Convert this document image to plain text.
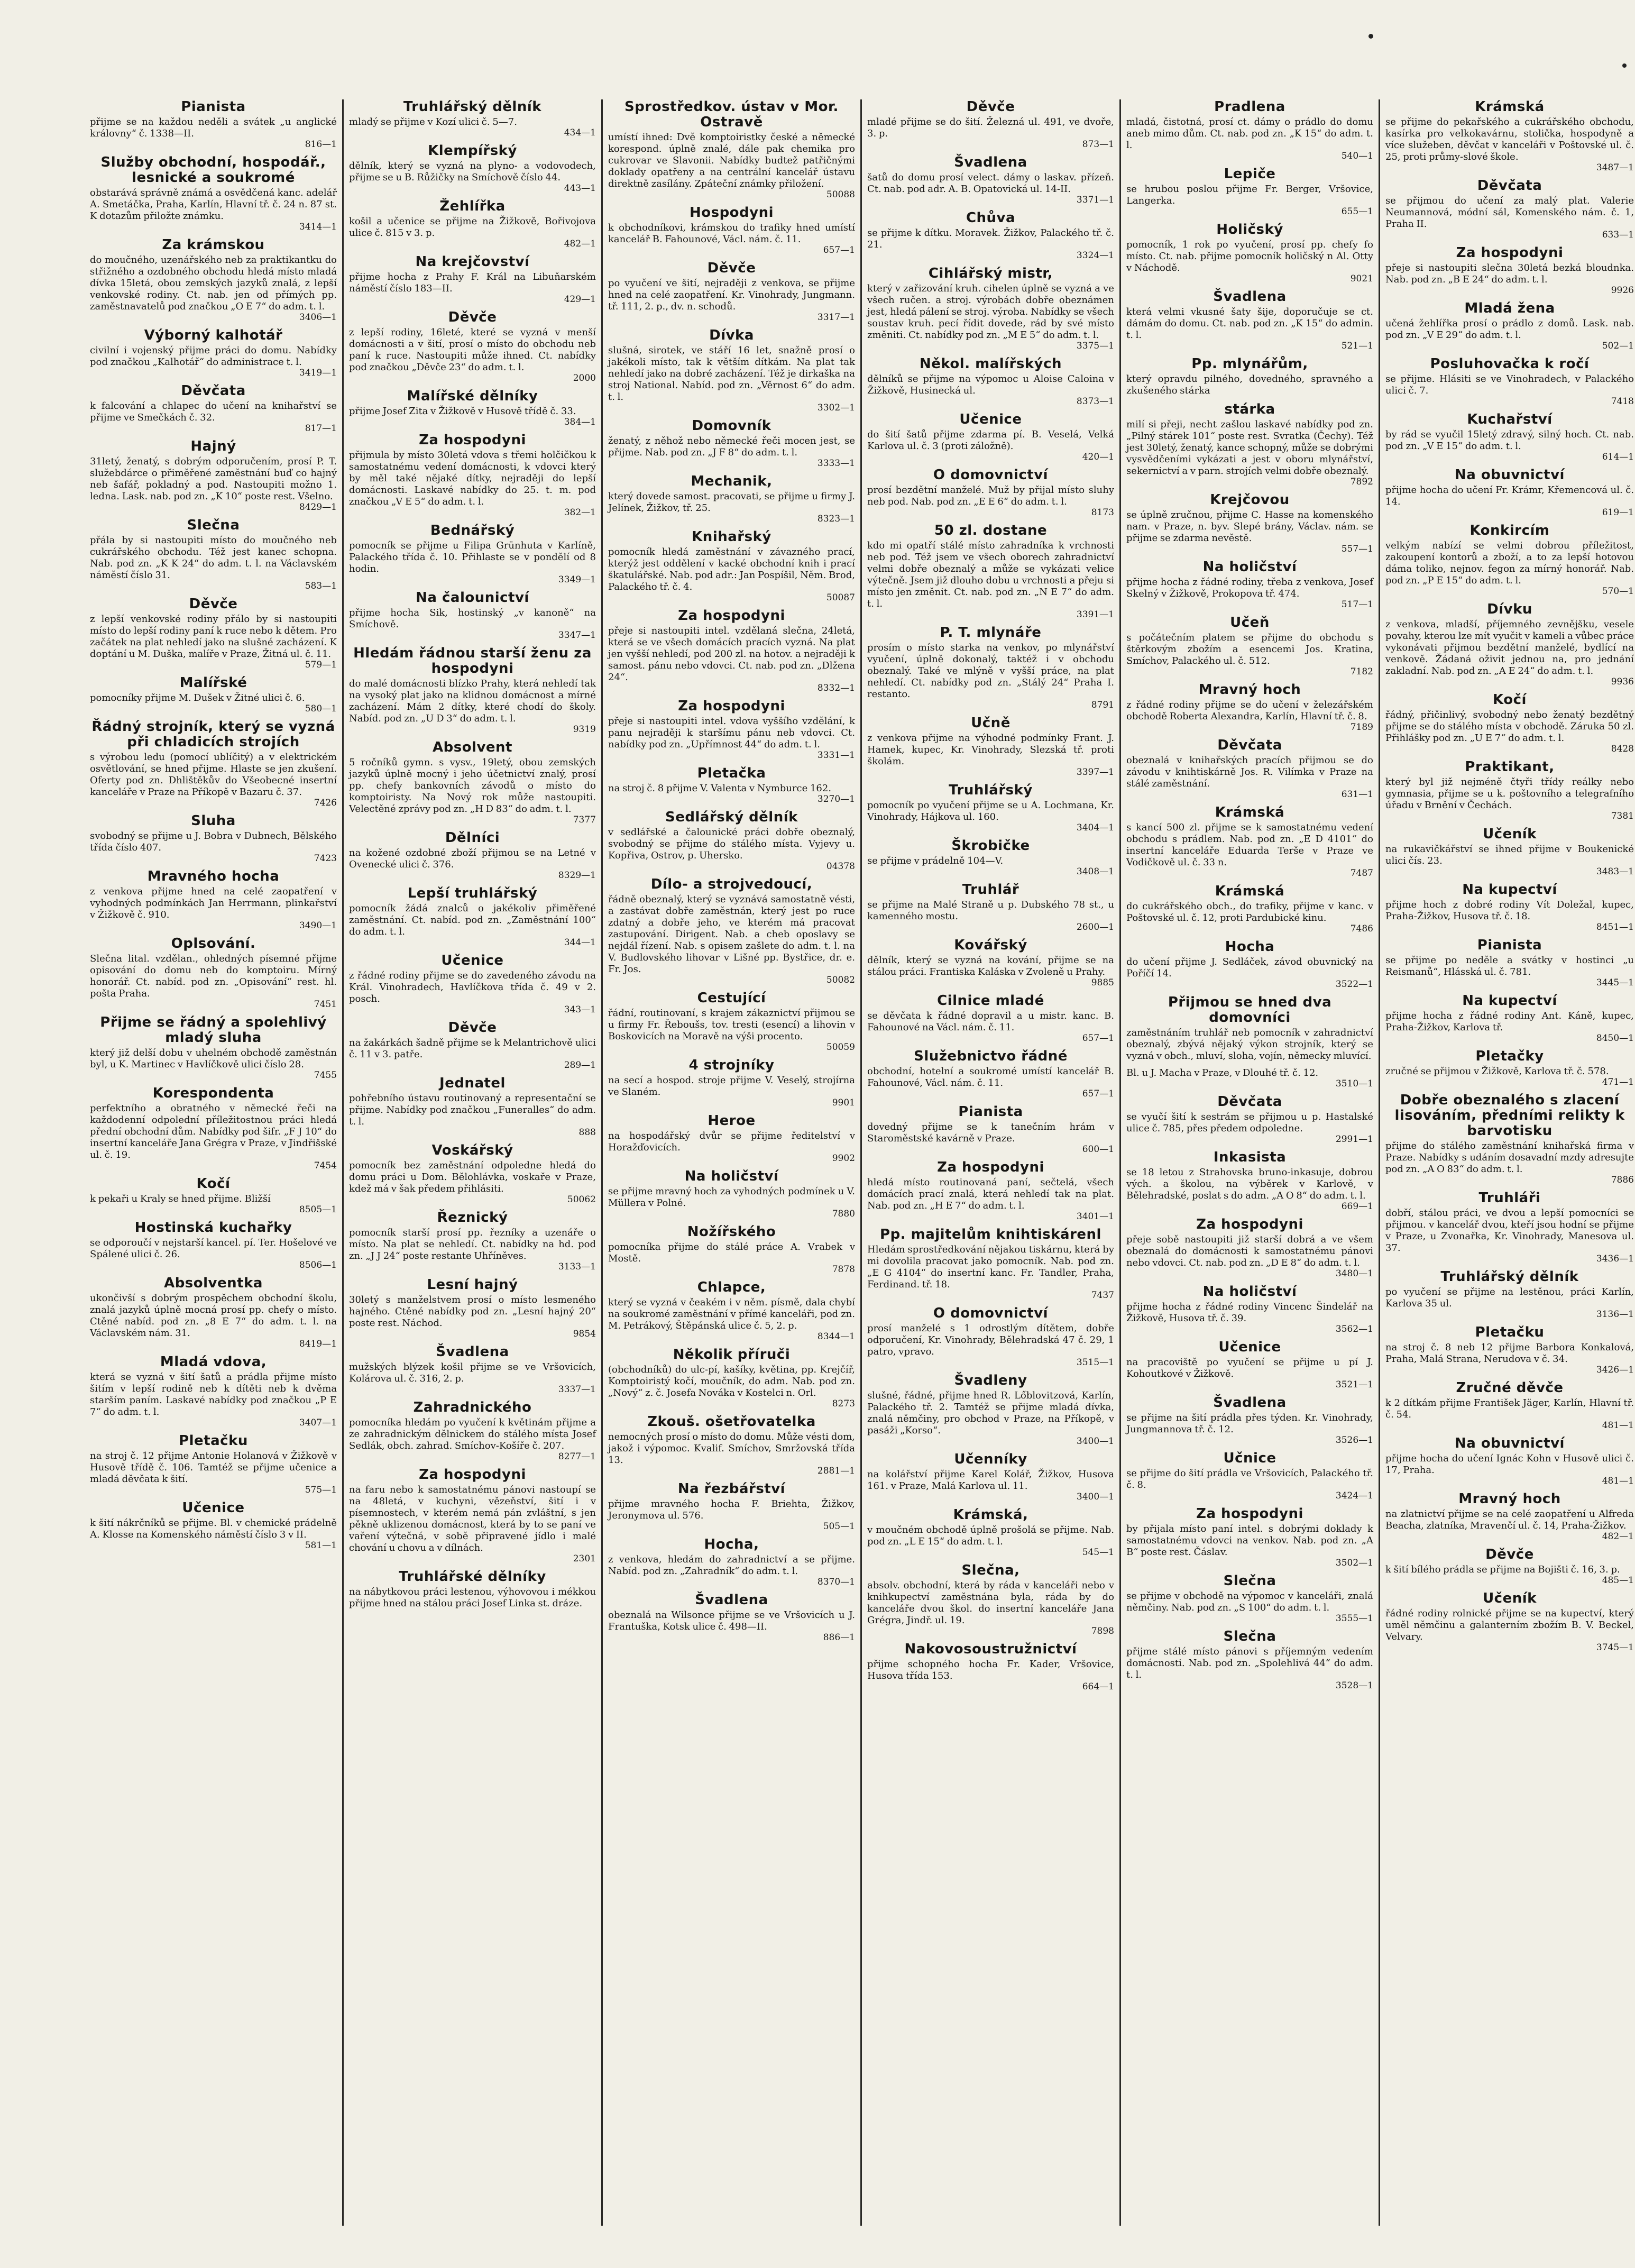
Pianista

přijme se na každou neděli a svátek „u anglické královny“ č. 1338—II.

816—1
Služby obchodní, hospodář., lesnické a soukromé

obstarává správně známá a osvědčená kanc. adelář A. Smetáčka, Praha, Karlín, Hlavní tř. č. 24 n. 87 st. K dotazům přiložte známku.

3414—1
Za krámskou

do moučného, uzenářského neb za praktikantku do střižného a ozdobného obchodu hledá místo mladá dívka 15letá, obou zemských jazyků znalá, z lepší venkovské rodiny. Ct. nab. jen od přímých pp. zaměstnavatelů pod značkou „O E 7“ do adm. t. l.

3406—1
Výborný kalhotář

civilní i vojenský přijme práci do domu. Nabídky pod značkou „Kalhotář“ do administrace t. l.

3419—1
Děvčata

k falcování a chlapec do učení na knihařství se přijme ve Smečkách č. 32.

817—1
Hajný

31letý, ženatý, s dobrým odporučením, prosí P. T. služebdárce o přiměřené zaměstnání buď co hajný neb šafář, pokladný a pod. Nastoupiti možno 1. ledna. Lask. nab. pod zn. „K 10“ poste rest. Všelno.

8429—1
Slečna

přála by si nastoupiti místo do moučného neb cukrářského obchodu. Též jest kanec schopna. Nab. pod zn. „K K 24“ do adm. t. l. na Václavském náměstí číslo 31.

583—1
Děvče

z lepší venkovské rodiny přálo by si nastoupiti místo do lepší rodiny paní k ruce nebo k dětem. Pro začátek na plat nehledí jako na slušné zacházení. K doptání u M. Duška, malíře v Praze, Žitná ul. č. 11.

579—1
Malířské

pomocníky přijme M. Dušek v Žitné ulici č. 6.

580—1
Řádný strojník, který se vyzná při chladicích strojích

s výrobou ledu (pomocí ublíčitý) a v elektrickém osvětlování, se hned přijme. Hlaste se jen zkušení. Oferty pod zn. Dhlištěkův do Všeobecné insertní kanceláře v Praze na Příkopě v Bazaru č. 37.

7426
Sluha

svobodný se přijme u J. Bobra v Dubnech, Bělského třída číslo 407.

7423
Mravného hocha

z venkova přijme hned na celé zaopatření v vyhodných podmínkách Jan Herrmann, plinkařství v Žižkově č. 910.

3490—1
Oplsování.

Slečna lital. vzdělan., ohledných písemné přijme opisování do domu neb do komptoiru. Mírný honorář. Ct. nabíd. pod zn. „Opisování“ rest. hl. pošta Praha.

7451
Přijme se řádný a spolehlivý mladý sluha

který již delší dobu v uhelném obchodě zaměstnán byl, u K. Martinec v Havlíčkově ulici číslo 28.

7455
Korespondenta

perfektního a obratného v německé řeči na každodenní odpolední příležitostnou práci hledá přední obchodní dům. Nabídky pod šifr. „F J 10“ do insertní kanceláře Jana Grégra v Praze, v Jindřišské ul. č. 19.

7454
Kočí

k pekaři u Kraly se hned přijme. Bližší

8505—1
Hostinská kuchařky

se odporoučí v nejstarší kancel. pí. Ter. Hošelové ve Spálené ulici č. 26.

8506—1
Absolventka

ukončivší s dobrým prospěchem obchodní školu, znalá jazyků úplně mocná prosí pp. chefy o místo. Ctěné nabíd. pod zn. „8 E 7“ do adm. t. l. na Václavském nám. 31.

8419—1
Mladá vdova,

která se vyzná v šití šatů a prádla přijme místo šitím v lepší rodině neb k dítěti neb k dvěma starším paním. Laskavé nabídky pod značkou „P E 7“ do adm. t. l.

3407—1
Pletačku

na stroj č. 12 přijme Antonie Holanová v Žižkově v Husově třídě č. 106. Tamtéž se přijme učenice a mladá děvčata k šití.

575—1
Učenice

k šití nákrčníků se přijme. Bl. v chemické prádelně A. Klosse na Komenského náměstí číslo 3 v II.

581—1
Truhlářský dělník

mladý se přijme v Kozí ulici č. 5—7.

434—1
Klempířský

dělník, který se vyzná na plyno- a vodovodech, přijme se u B. Růžičky na Smíchově číslo 44.

443—1
Žehlířka

košil a učenice se přijme na Žižkově, Bořivojova ulice č. 815 v 3. p.

482—1
Na krejčovství

přijme hocha z Prahy F. Král na Libuňarském náměstí číslo 183—II.

429—1
Děvče

z lepší rodiny, 16leté, které se vyzná v menší domácnosti a v šití, prosí o místo do obchodu neb paní k ruce. Nastoupiti může ihned. Ct. nabídky pod značkou „Děvče 23“ do adm. t. l.

2000
Malířské dělníky

přijme Josef Zita v Žižkově v Husově třídě č. 33.

384—1
Za hospodyni

přijmula by místo 30letá vdova s třemi holčičkou k samostatnému vedení domácnosti, k vdovci který by měl také nějaké dítky, nejraději do lepší domácnosti. Laskavé nabídky do 25. t. m. pod značkou „V E 5“ do adm. t. l.

382—1
Bednářský

pomocník se přijme u Filipa Grünhuta v Karlíně, Palackého třída č. 10. Přihlaste se v pondělí od 8 hodin.

3349—1
Na čalounictví

přijme hocha Sik, hostinský „v kanoně“ na Smíchově.

3347—1
Hledám řádnou starší ženu za hospodyni

do malé domácnosti blízko Prahy, která nehledí tak na vysoký plat jako na klidnou domácnost a mírné zacházení. Mám 2 dítky, které chodí do školy. Nabíd. pod zn. „U D 3“ do adm. t. l.

9319
Absolvent

5 ročníků gymn. s vysv., 19letý, obou zemských jazyků úplně mocný i jeho účetnictví znalý, prosí pp. chefy bankovních závodů o místo do komptoiristy. Na Nový rok může nastoupiti. Velectěné zprávy pod zn. „H D 83“ do adm. t. l.

7377
Dělníci

na kožené ozdobné zboží přijmou se na Letné v Ovenecké ulici č. 376.

8329—1
Lepší truhlářský

pomocník žádá znalců o jakékoliv přiměřené zaměstnání. Ct. nabíd. pod zn. „Zaměstnání 100“ do adm. t. l.

344—1
Učenice

z řádné rodiny přijme se do zavedeného závodu na Král. Vinohradech, Havlíčkova třída č. 49 v 2. posch.

343—1
Děvče

na žakárkách šadně přijme se k Melantrichově ulici č. 11 v 3. patře.

289—1
Jednatel

pohřebního ústavu routinovaný a representační se přijme. Nabídky pod značkou „Funeralles“ do adm. t. l.

888
Voskářský

pomocník bez zaměstnání odpoledne hledá do domu práci u Dom. Bělohlávka, voskaře v Praze, kdež má v šak předem přihlásiti.

50062
Řeznický

pomocník starší prosí pp. řezníky a uzenáře o místo. Na plat se nehledí. Ct. nabídky na hd. pod zn. „J J 24“ poste restante Uhříněves.

3133—1
Lesní hajný

30letý s manželstvem prosí o místo lesmeného hajného. Ctěné nabídky pod zn. „Lesní hajný 20“ poste rest. Náchod.

9854
Švadlena

mužských blýzek košil přijme se ve Vršovicích, Kolárova ul. č. 316, 2. p.

3337—1
Zahradnického

pomocníka hledám po vyučení k květinám přijme a ze zahradnickým dělnickem do stálého místa Josef Sedlák, obch. zahrad. Smíchov-Košíře č. 207.

8277—1
Za hospodyni

na faru nebo k samostatnému pánovi nastoupí se na 48letá, v kuchyni, vězeňství, šití i v písemnostech, v kterém nemá pán zvláštní, s jen pěkně uklizenou domácnost, která by to se paní ve vaření výtečná, v sobě připravené jídlo i malé chování u chovu a v dílnách.

2301
Truhlářské dělníky

na nábytkovou práci lestenou, výhovovou i mékkou přijme hned na stálou práci Josef Linka st. dráze.

Sprostředkov. ústav v Mor. Ostravě

umístí ihned: Dvě komptoiristky české a německé korespond. úplně znalé, dále pak chemika pro cukrovar ve Slavonii. Nabídky budtež patřičnými doklady opatřeny a na centrální kancelář ústavu direktně zasílány. Zpáteční známky přiložení.

50088
Hospodyni

k obchodníkovi, krámskou do trafiky hned umístí kancelář B. Fahounové, Václ. nám. č. 11.

657—1
Děvče

po vyučení ve šití, nejraději z venkova, se přijme hned na celé zaopatření. Kr. Vinohrady, Jungmann. tř. 111, 2. p., dv. n. schodů.

3317—1
Dívka

slušná, sirotek, ve stáří 16 let, snažně prosí o jakékoli místo, tak k větším dítkám. Na plat tak nehledí jako na dobré zacházení. Též je dirkaška na stroj National. Nabíd. pod zn. „Věrnost 6“ do adm. t. l.

3302—1
Domovník

ženatý, z něhož nebo německé řeči mocen jest, se přijme. Nab. pod zn. „J F 8“ do adm. t. l.

3333—1
Mechanik,

který dovede samost. pracovati, se přijme u firmy J. Jelínek, Žižkov, tř. 25.

8323—1
Knihařský

pomocník hledá zaměstnání v závazného prací, kterýž jest oddělení v kacké obchodní knih i prací škatulářské. Nab. pod adr.: Jan Pospíšil, Něm. Brod, Palackého tř. č. 4.

50087
Za hospodyni

přeje si nastoupiti intel. vzdělaná slečna, 24letá, která se ve všech domácích pracích vyzná. Na plat jen vyšší nehledí, pod 200 zl. na hotov. a nejraději k samost. pánu nebo vdovci. Ct. nab. pod zn. „Dlžena 24“.

8332—1
Za hospodyni

přeje si nastoupiti intel. vdova vyššího vzdělání, k panu nejraději k staršímu pánu neb vdovci. Ct. nabídky pod zn. „Upřímnost 44“ do adm. t. l.

3331—1
Pletačka

na stroj č. 8 přijme V. Valenta v Nymburce 162.

3270—1
Sedlářský dělník

v sedlářské a čalounické práci dobře obeznalý, svobodný se přijme do stálého místa. Vyjevy u. Kopřiva, Ostrov, p. Uhersko.

04378
Dílo- a strojvedoucí,

řádně obeznalý, který se vyznává samostatně vésti, a zastávat dobře zaměstnán, který jest po ruce zdatný a dobře jeho, ve kterém má pracovat zastupování. Dirigent. Nab. a cheb oposlavy se nejdál řízení. Nab. s opisem zašlete do adm. t. l. na V. Budlovského lihovar v Lišné pp. Bystřice, dr. e. Fr. Jos.

50082
Cestující

řádní, routinovaní, s krajem zákaznictví přijmou se u firmy Fr. Řeboušs, tov. tresti (esencí) a lihovin v Boskovicích na Moravě na výši procento.

50059
4 strojníky

na secí a hospod. stroje přijme V. Veselý, strojírna ve Slaném.

9901
Heroe

na hospodářský dvůr se přijme ředitelství v Horažďovicích.

9902
Na holičství

se přijme mravný hoch za vyhodných podmínek u V. Müllera v Polné.

7880
Nožířského

pomocníka přijme do stálé práce A. Vrabek v Mostě.

7878
Chlapce,

který se vyzná v čeakém i v něm. písmě, dala chybí na soukromé zaměstnání v přímé kanceláři, pod zn. M. Petrákový, Štěpánská ulice č. 5, 2. p.

8344—1
Několik příruči

(obchodníků) do ulc-pí, kašíky, květina, pp. Krejčíř, Komptoiristý kočí, moučník, do adm. Nab. pod zn. „Nový“ z. č. Josefa Nováka v Kostelci n. Orl.

8273
Zkouš. ošetřovatelka

nemocných prosí o místo do domu. Může vésti dom, jakož i výpomoc. Kvalif. Smíchov, Smržovská třída 13.

2881—1
Na řezbářství

přijme mravného hocha F. Briehta, Žižkov, Jeronymova ul. 576.

505—1
Hocha,

z venkova, hledám do zahradnictví a se přijme. Nabíd. pod zn. „Zahradník“ do adm. t. l.

8370—1
Švadlena

obeznalá na Wilsonce přijme se ve Vršovicích u J. Frantuška, Kotsk ulice č. 498—II.

886—1
Děvče

mladé přijme se do šití. Železná ul. 491, ve dvoře, 3. p.

873—1
Švadlena

šatů do domu prosí velect. dámy o laskav. přízeň. Ct. nab. pod adr. A. B. Opatovická ul. 14-II.

3371—1
Chůva

se přijme k dítku. Moravek. Žižkov, Palackého tř. č. 21.

3324—1
Cihlářský mistr,

který v zařizování kruh. cihelen úplně se vyzná a ve všech ručen. a stroj. výrobách dobře obeznámen jest, hledá pálení se stroj. výroba. Nabídky se všech soustav kruh. pecí řídit dovede, rád by své místo změniti. Ct. nabídky pod zn. „M E 5“ do adm. t. l.

3375—1
Někol. malířských

dělníků se přijme na výpomoc u Aloise Caloina v Žižkově, Husinecká ul.

8373—1
Učenice

do šití šatů přijme zdarma pí. B. Veselá, Velká Karlova ul. č. 3 (proti záložně).

420—1
O domovnictví

prosí bezdětní manželé. Muž by přijal místo sluhy neb pod. Nab. pod zn. „E E 6“ do adm. t. l.

8173
50 zl. dostane

kdo mi opatří stálé místo zahradníka k vrchnosti neb pod. Též jsem ve všech oborech zahradnictví velmi dobře obeznalý a může se vykázati velice výtečně. Jsem již dlouho dobu u vrchnosti a přeju si místo jen změnit. Ct. nab. pod zn. „N E 7“ do adm. t. l.

3391—1
P. T. mlynáře

prosím o místo starka na venkov, po mlynářství vyučení, úplně dokonalý, taktéž i v obchodu obeznalý. Také ve mlýně v vyšší práce, na plat nehledí. Ct. nabídky pod zn. „Stálý 24“ Praha I. restanto.

8791
Učně

z venkova přijme na výhodné podmínky Frant. J. Hamek, kupec, Kr. Vinohrady, Slezská tř. proti školám.

3397—1
Truhlářský

pomocník po vyučení přijme se u A. Lochmana, Kr. Vinohrady, Hájkova ul. 160.

3404—1
Škrobičke

se přijme v prádelně 104—V.

3408—1
Truhlář

se přijme na Malé Straně u p. Dubského 78 st., u kamenného mostu.

2600—1
Kovářský

dělník, který se vyzná na kování, přijme se na stálou práci. Frantiska Kaláska v Zvoleně u Prahy.

9885
Cilnice mladé

se děvčata k řádné dopravil a u mistr. kanc. B. Fahounové na Václ. nám. č. 11.

657—1
Služebnictvo řádné

obchodní, hotelní a soukromé umístí kancelář B. Fahounové, Václ. nám. č. 11.

657—1
Pianista

dovedný přijme se k tanečním hrám v Staroměstské kavárně v Praze.

600—1
Za hospodyni

hledá místo routinovaná paní, sečtelá, všech domácích prací znalá, která nehledí tak na plat. Nab. pod zn. „H E 7“ do adm. t. l.

3401—1
Pp. majitelům knihtiskárenl

Hledám sprostředkování nějakou tiskárnu, která by mi dovolila pracovat jako pomocník. Nab. pod zn. „E G 4104“ do insertní kanc. Fr. Tandler, Praha, Ferdinand. tř. 18.

7437
O domovnictví

prosí manželé s 1 odrostlým dítětem, dobře odporučení, Kr. Vinohrady, Bělehradská 47 č. 29, 1 patro, vpravo.

3515—1
Švadleny

slušné, řádné, přijme hned R. Lőblovitzová, Karlín, Palackého tř. 2. Tamtéž se přijme mladá dívka, znalá němčiny, pro obchod v Praze, na Příkopě, v pasáži „Korso“.

3400—1
Učenníky

na kolářství přijme Karel Kolář, Žižkov, Husova 161. v Praze, Malá Karlova ul. 11.

3400—1
Krámská,

v moučném obchodě úplně prošolá se přijme. Nab. pod zn. „L E 15“ do adm. t. l.

545—1
Slečna,

absolv. obchodní, která by ráda v kanceláři nebo v knihkupectví zaměstnána byla, ráda by do kanceláře dvou škol. do insertní kanceláře Jana Grégra, Jindř. ul. 19.

7898
Nakovosoustružnictví

přijme schopného hocha Fr. Kader, Vršovice, Husova třída 153.

664—1
Pradlena

mladá, čistotná, prosí ct. dámy o prádlo do domu aneb mimo dům. Ct. nab. pod zn. „K 15“ do adm. t. l.

540—1
Lepiče

se hrubou poslou přijme Fr. Berger, Vršovice, Langerka.

655—1
Holičský

pomocník, 1 rok po vyučení, prosí pp. chefy fo místo. Ct. nab. přijme pomocník holičský n Al. Otty v Náchodě.

9021
Švadlena

která velmi vkusné šaty šije, doporučuje se ct. dámám do domu. Ct. nab. pod zn. „K 15“ do admin. t. l.

521—1
Pp. mlynářům,

který opravdu pilného, dovedného, spravného a zkušeného stárka

stárka

milí si přeji, necht zašlou laskavé nabídky pod zn. „Pilný stárek 101“ poste rest. Svratka (Čechy). Též jest 30letý, ženatý, kance schopný, může se dobrými vysvědčeními vykázati a jest v oboru mlynářství, sekernictví a v parn. strojích velmi dobře obeznalý.

7892
Krejčovou

se úplně zručnou, přijme C. Hasse na komenského nam. v Praze, n. byv. Slepé brány, Václav. nám. se přijme se zdarma nevěstě.

557—1
Na holičství

přijme hocha z řádné rodiny, třeba z venkova, Josef Skelný v Žižkově, Prokopova tř. 474.

517—1
Učeň

s počátečním platem se přijme do obchodu s štěrkovým zbožím a esencemi Jos. Kratina, Smíchov, Palackého ul. č. 512.

7182
Mravný hoch

z řádné rodiny přijme se do učení v železářském obchodě Roberta Alexandra, Karlín, Hlavní tř. č. 8.

7189
Děvčata

obeznalá v knihařských pracích přijmou se do závodu v knihtiskárně Jos. R. Vilímka v Praze na stálé zaměstnání.

631—1
Krámská

s kancí 500 zl. přijme se k samostatnému vedení obchodu s prádlem. Nab. pod zn. „E D 4101“ do insertní kanceláře Eduarda Terše v Praze ve Vodičkově ul. č. 33 n.

7487
Krámská

do cukrářského obch., do trafiky, přijme v kanc. v Poštovské ul. č. 12, proti Pardubické kinu.

7486
Hocha

do učení přijme J. Sedláček, závod obuvnický na Poříčí 14.

3522—1
Přijmou se hned dva domovníci

zaměstnáním truhlář neb pomocník v zahradnictví obeznalý, zbývá nějaký výkon strojník, který se vyzná v obch., mluví, sloha, vojín, německy mluvící.

Bl. u J. Macha v Praze, v Dlouhé tř. č. 12.

3510—1
Děvčata

se vyučí šití k sestrám se přijmou u p. Hastalské ulice č. 785, přes předem odpoledne.

2991—1
Inkasista

se 18 letou z Strahovska bruno-inkasuje, dobrou vých. a školou, na výběrek v Karlově, v Bělehradské, poslat s do adm. „A O 8“ do adm. t. l.

669—1
Za hospodyni

přeje sobě nastoupiti již starší dobrá a ve všem obeznalá do domácnosti k samostatnému pánovi nebo vdovci. Ct. nab. pod zn. „D E 8“ do adm. t. l.

3480—1
Na holičství

přijme hocha z řádné rodiny Vincenc Šindelář na Žižkově, Husova tř. č. 39.

3562—1
Učenice

na pracoviště po vyučení se přijme u pí J. Kohoutkové v Žižkově.

3521—1
Švadlena

se přijme na šití prádla přes týden. Kr. Vinohrady, Jungmannova tř. č. 12.

3526—1
Učnice

se přijme do šití prádla ve Vršovicích, Palackého tř. č. 8.

3424—1
Za hospodyni

by přijala místo paní intel. s dobrými doklady k samostatnému vdovci na venkov. Nab. pod zn. „A B“ poste rest. Čáslav.

3502—1
Slečna

se přijme v obchodě na výpomoc v kanceláři, znalá němčiny. Nab. pod zn. „S 100“ do adm. t. l.

3555—1
Slečna

přijme stálé místo pánovi s příjemným vedením domácnosti. Nab. pod zn. „Spolehlivá 44“ do adm. t. l.

3528—1
Krámská

se přijme do pekařského a cukrářského obchodu, kasírka pro velkokavárnu, stolička, hospodyně a více služeben, děvčat v kanceláři v Poštovské ul. č. 25, proti průmy-slové škole.

3487—1
Děvčata

se přijmou do učení za malý plat. Valerie Neumannová, módní sál, Komenského nám. č. 1, Praha II.

633—1
Za hospodyni

přeje si nastoupiti slečna 30letá bezká bloudnka. Nab. pod zn. „B E 24“ do adm. t. l.

9926
Mladá žena

učená žehlířka prosí o prádlo z domů. Lask. nab. pod zn. „V E 29“ do adm. t. l.

502—1
Posluhovačka k ročí

se přijme. Hlásiti se ve Vinohradech, v Palackého ulici č. 7.

7418
Kuchařství

by rád se vyučil 15letý zdravý, silný hoch. Ct. nab. pod zn. „V E 15“ do adm. t. l.

614—1
Na obuvnictví

přijme hocha do učení Fr. Krámr, Křemencová ul. č. 14.

619—1
Konkircím

velkým nabízí se velmi dobrou příležitost, zakoupení kontorů a zboží, a to za lepší hotovou dáma toliko, nejnov. fegon za mírný honorář. Nab. pod zn. „P E 15“ do adm. t. l.

570—1
Dívku

z venkova, mladší, příjemného zevnějšku, vesele povahy, kterou lze mít vyučit v kameli a vůbec práce vykonávati přijmou bezdětní manželé, bydlící na venkově. Žádaná oživit jednou na, pro jednání zakladní. Nab. pod zn. „A E 24“ do adm. t. l.

9936
Kočí

řádný, přičinlivý, svobodný nebo ženatý bezdětný přijme se do stálého místa v obchodě. Záruka 50 zl. Přihlášky pod zn. „U E 7“ do adm. t. l.

8428
Praktikant,

který byl již nejméně čtyři třídy reálky nebo gymnasia, přijme se u k. poštovního a telegrafního úřadu v Brnění v Čechách.

7381
Učeník

na rukavičkářství se ihned přijme v Boukenické ulici čís. 23.

3483—1
Na kupectví

přijme hoch z dobré rodiny Vít Doležal, kupec, Praha-Žižkov, Husova tř. č. 18.

8451—1
Pianista

se přijme po neděle a svátky v hostinci „u Reismanů“, Hlásská ul. č. 781.

3445—1
Na kupectví

přijme hocha z řádné rodiny Ant. Káně, kupec, Praha-Žižkov, Karlova tř.

8450—1
Pletačky

zručné se přijmou v Žižkově, Karlova tř. č. 578.

471—1
Dobře obeznalého s zlacení lisováním, předními relikty k barvotisku

přijme do stálého zaměstnání knihařská firma v Praze. Nabídky s udáním dosavadní mzdy adresujte pod zn. „A O 83“ do adm. t. l.

7886
Truhláři

dobří, stálou práci, ve dvou a lepší pomocníci se přijmou. v kancelář dvou, kteří jsou hodní se přijme v Praze, u Zvonařka, Kr. Vinohrady, Manesova ul. 37.

3436—1
Truhlářský dělník

po vyučení se přijme na lestěnou, práci Karlín, Karlova 35 ul.

3136—1
Pletačku

na stroj č. 8 neb 12 přijme Barbora Konkalová, Praha, Malá Strana, Nerudova v č. 34.

3426—1
Zručné děvče

k 2 dítkám přijme František Jäger, Karlín, Hlavní tř. č. 54.

481—1
Na obuvnictví

přijme hocha do učení Ignác Kohn v Husově ulici č. 17, Praha.

481—1
Mravný hoch

na zlatnictví přijme se na celé zaopatření u Alfreda Beacha, zlatníka, Mravenčí ul. č. 14, Praha-Žižkov.

482—1
Děvče

k šití bílého prádla se přijme na Bojišti č. 16, 3. p.

485—1
Učeník

řádné rodiny rolnické přijme se na kupectví, který uměl němčinu a galanterním zbožím B. V. Beckel, Velvary.

3745—1
